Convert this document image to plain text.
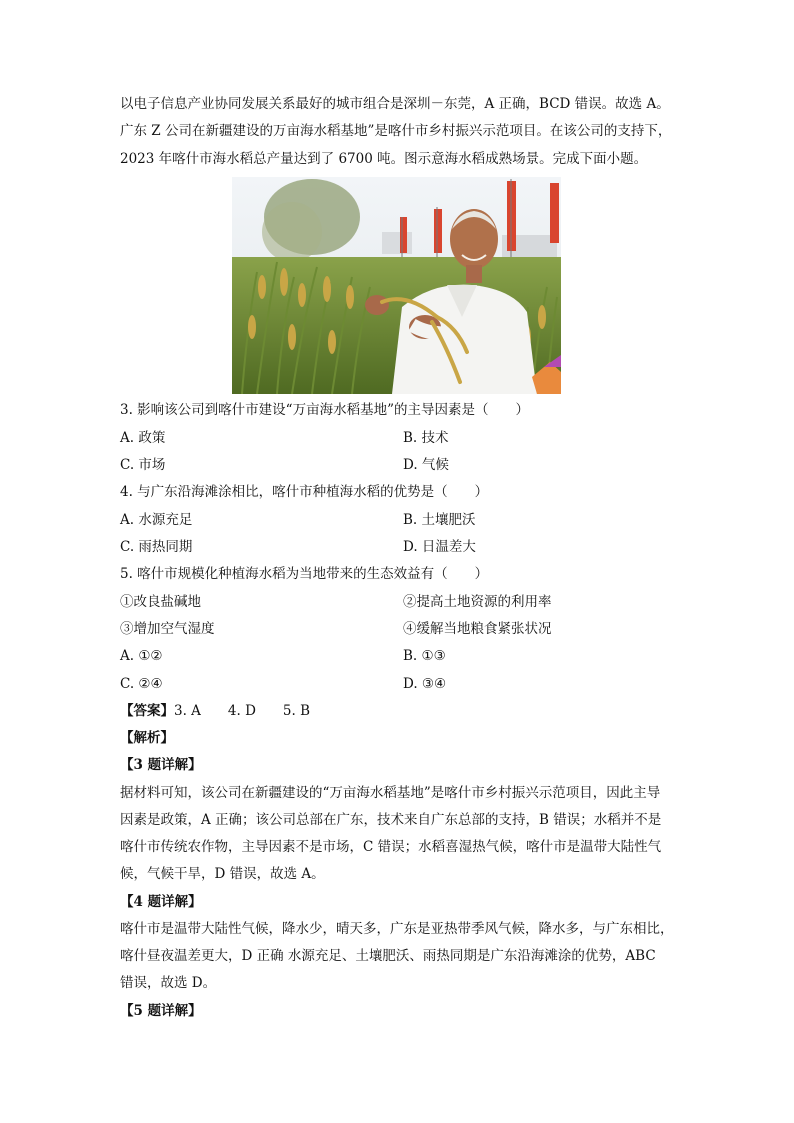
以电子信息产业协同发展关系最好的城市组合是深圳－东莞，A 正确，BCD 错误。故选 A。
广东 Z 公司在新疆建设的万亩海水稻基地”是喀什市乡村振兴示范项目。在该公司的支持下，
2023 年喀什市海水稻总产量达到了 6700 吨。图示意海水稻成熟场景。完成下面小题。
3. 影响该公司到喀什市建设“万亩海水稻基地”的主导因素是（　　）
A. 政策	B. 技术
C. 市场	D. 气候
4. 与广东沿海滩涂相比，喀什市种植海水稻的优势是（　　）
A. 水源充足	B. 土壤肥沃
C. 雨热同期	D. 日温差大
5. 喀什市规模化种植海水稻为当地带来的生态效益有（　　）
①改良盐碱地	②提高土地资源的利用率
③增加空气湿度	④缓解当地粮食紧张状况
A. ①②	B. ①③
C. ②④	D. ③④
【答案】3. A　　4. D　　5. B
【解析】
【3 题详解】
据材料可知，该公司在新疆建设的“万亩海水稻基地”是喀什市乡村振兴示范项目，因此主导
因素是政策，A 正确；该公司总部在广东，技术来自广东总部的支持，B 错误；水稻并不是
喀什市传统农作物，主导因素不是市场，C 错误；水稻喜湿热气候，喀什市是温带大陆性气
候，气候干旱，D 错误，故选 A。
【4 题详解】
喀什市是温带大陆性气候，降水少，晴天多，广东是亚热带季风气候，降水多，与广东相比，
喀什昼夜温差更大，D 正确 水源充足、土壤肥沃、雨热同期是广东沿海滩涂的优势，ABC
错误，故选 D。
【5 题详解】
